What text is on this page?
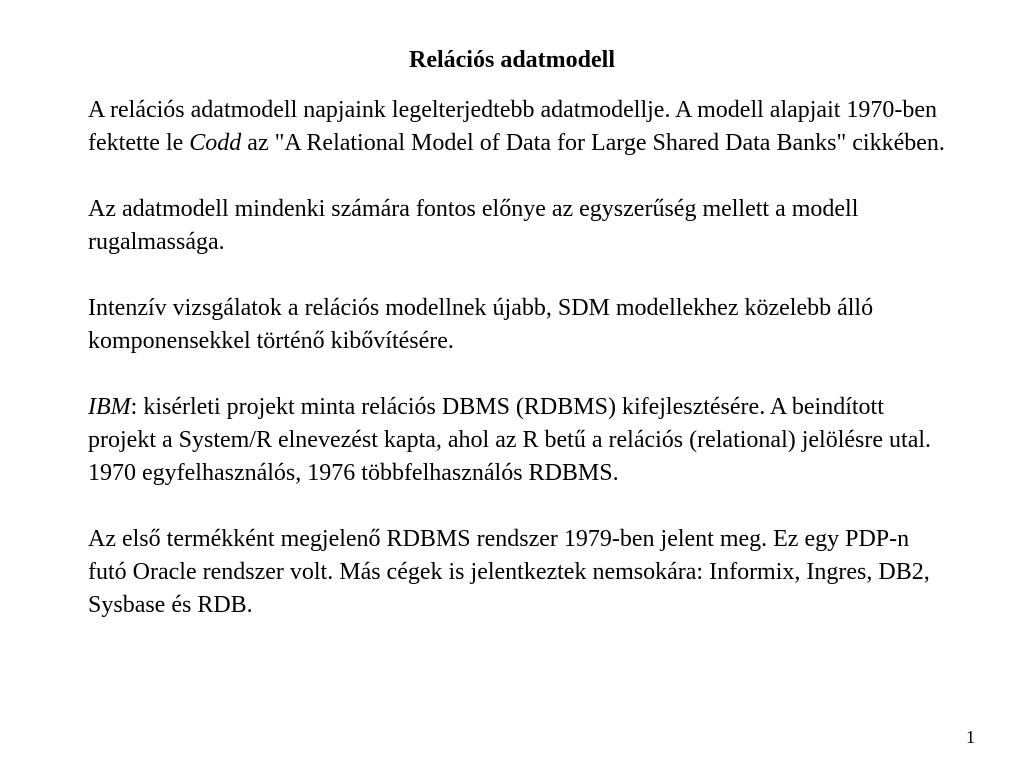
Relációs adatmodell

A relációs adatmodell napjaink legelterjedtebb adatmodellje. A modell alapjait 1970-ben fektette le Codd az "A Relational Model of Data for Large Shared Data Banks" cikkében.

Az adatmodell mindenki számára fontos előnye az egyszerűség mellett a modell rugalmassága.

Intenzív vizsgálatok a relációs modellnek újabb, SDM modellekhez közelebb álló komponensekkel történő kibővítésére.

IBM: kisérleti projekt minta relációs DBMS (RDBMS) kifejlesztésére. A beindított projekt a System/R elnevezést kapta, ahol az R betű a relációs (relational) jelölésre utal. 1970 egyfelhasználós, 1976 többfelhasználós RDBMS.

Az első termékként megjelenő RDBMS rendszer 1979-ben jelent meg. Ez egy PDP-n futó Oracle rendszer volt. Más cégek is jelentkeztek nemsokára: Informix, Ingres, DB2, Sysbase és RDB.

1
